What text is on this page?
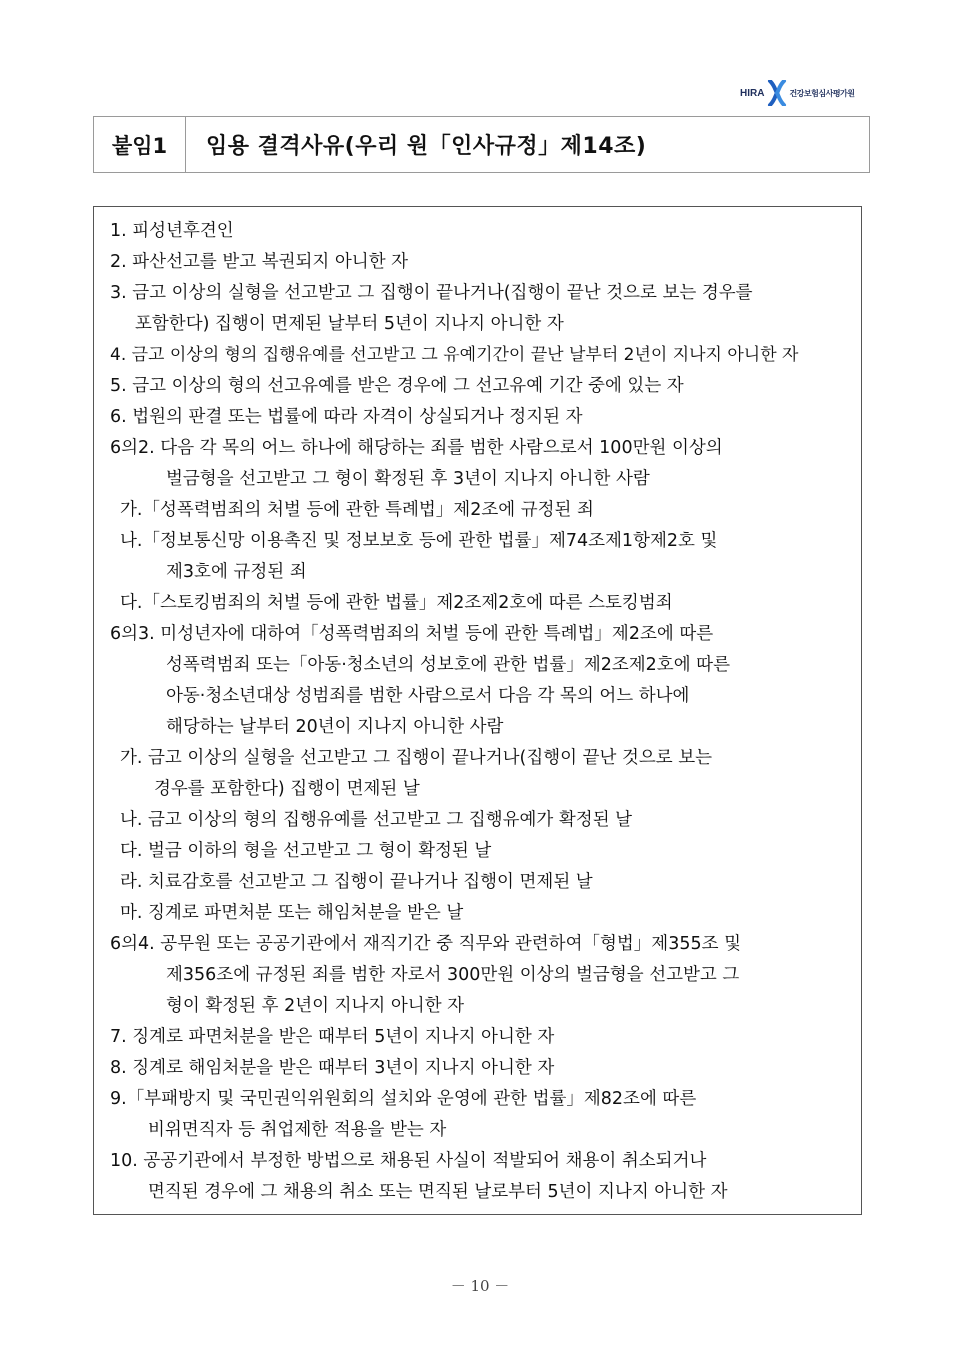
HIRA	건강보험심사평가원
붙임1	임용 결격사유(우리 원「인사규정」제14조)
1. 피성년후견인
2. 파산선고를 받고 복권되지 아니한 자
3. 금고 이상의 실형을 선고받고 그 집행이 끝나거나(집행이 끝난 것으로 보는 경우를
포함한다) 집행이 면제된 날부터 5년이 지나지 아니한 자
4. 금고 이상의 형의 집행유예를 선고받고 그 유예기간이 끝난 날부터 2년이 지나지 아니한 자
5. 금고 이상의 형의 선고유예를 받은 경우에 그 선고유예 기간 중에 있는 자
6. 법원의 판결 또는 법률에 따라 자격이 상실되거나 정지된 자
6의2. 다음 각 목의 어느 하나에 해당하는 죄를 범한 사람으로서 100만원 이상의
벌금형을 선고받고 그 형이 확정된 후 3년이 지나지 아니한 사람
가.「성폭력범죄의 처벌 등에 관한 특례법」제2조에 규정된 죄
나.「정보통신망 이용촉진 및 정보보호 등에 관한 법률」제74조제1항제2호 및
제3호에 규정된 죄
다.「스토킹범죄의 처벌 등에 관한 법률」제2조제2호에 따른 스토킹범죄
6의3. 미성년자에 대하여「성폭력범죄의 처벌 등에 관한 특례법」제2조에 따른
성폭력범죄 또는「아동·청소년의 성보호에 관한 법률」제2조제2호에 따른
아동·청소년대상 성범죄를 범한 사람으로서 다음 각 목의 어느 하나에
해당하는 날부터 20년이 지나지 아니한 사람
가. 금고 이상의 실형을 선고받고 그 집행이 끝나거나(집행이 끝난 것으로 보는
경우를 포함한다) 집행이 면제된 날
나. 금고 이상의 형의 집행유예를 선고받고 그 집행유예가 확정된 날
다. 벌금 이하의 형을 선고받고 그 형이 확정된 날
라. 치료감호를 선고받고 그 집행이 끝나거나 집행이 면제된 날
마. 징계로 파면처분 또는 해임처분을 받은 날
6의4. 공무원 또는 공공기관에서 재직기간 중 직무와 관련하여「형법」제355조 및
제356조에 규정된 죄를 범한 자로서 300만원 이상의 벌금형을 선고받고 그
형이 확정된 후 2년이 지나지 아니한 자
7. 징계로 파면처분을 받은 때부터 5년이 지나지 아니한 자
8. 징계로 해임처분을 받은 때부터 3년이 지나지 아니한 자
9.「부패방지 및 국민권익위원회의 설치와 운영에 관한 법률」제82조에 따른
비위면직자 등 취업제한 적용을 받는 자
10. 공공기관에서 부정한 방법으로 채용된 사실이 적발되어 채용이 취소되거나
면직된 경우에 그 채용의 취소 또는 면직된 날로부터 5년이 지나지 아니한 자
－ 10 －
